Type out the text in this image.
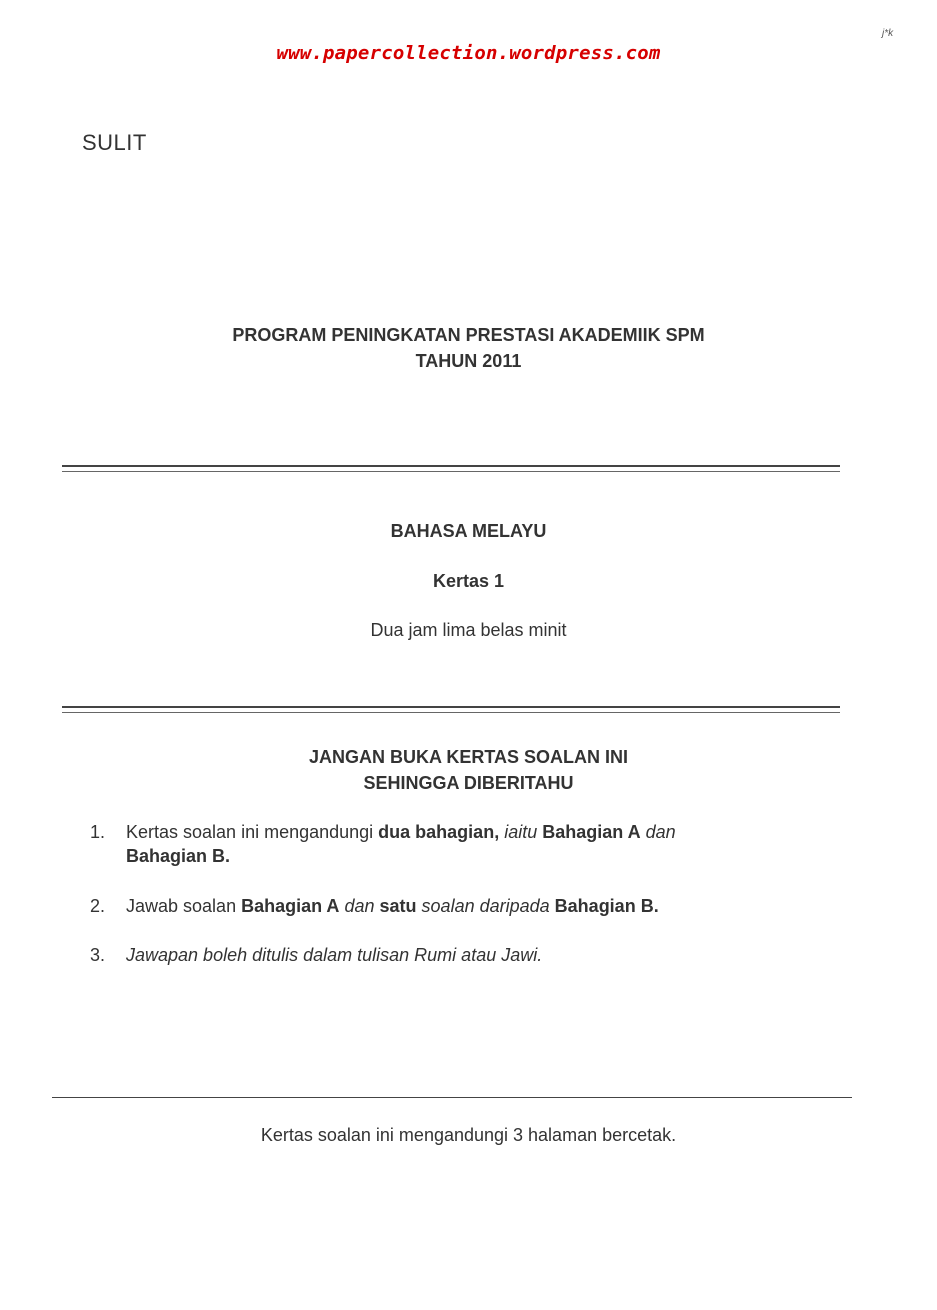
j*k
www.papercollection.wordpress.com
SULIT
PROGRAM PENINGKATAN PRESTASI AKADEMIIK SPM
TAHUN 2011
BAHASA MELAYU
Kertas 1
Dua jam lima belas minit
JANGAN BUKA KERTAS SOALAN INI
SEHINGGA DIBERITAHU
1. Kertas soalan ini mengandungi dua bahagian, iaitu Bahagian A dan
Bahagian B.
2. Jawab soalan Bahagian A dan satu soalan daripada Bahagian B.
3. Jawapan boleh ditulis dalam tulisan Rumi atau Jawi.
Kertas soalan ini mengandungi 3 halaman bercetak.
